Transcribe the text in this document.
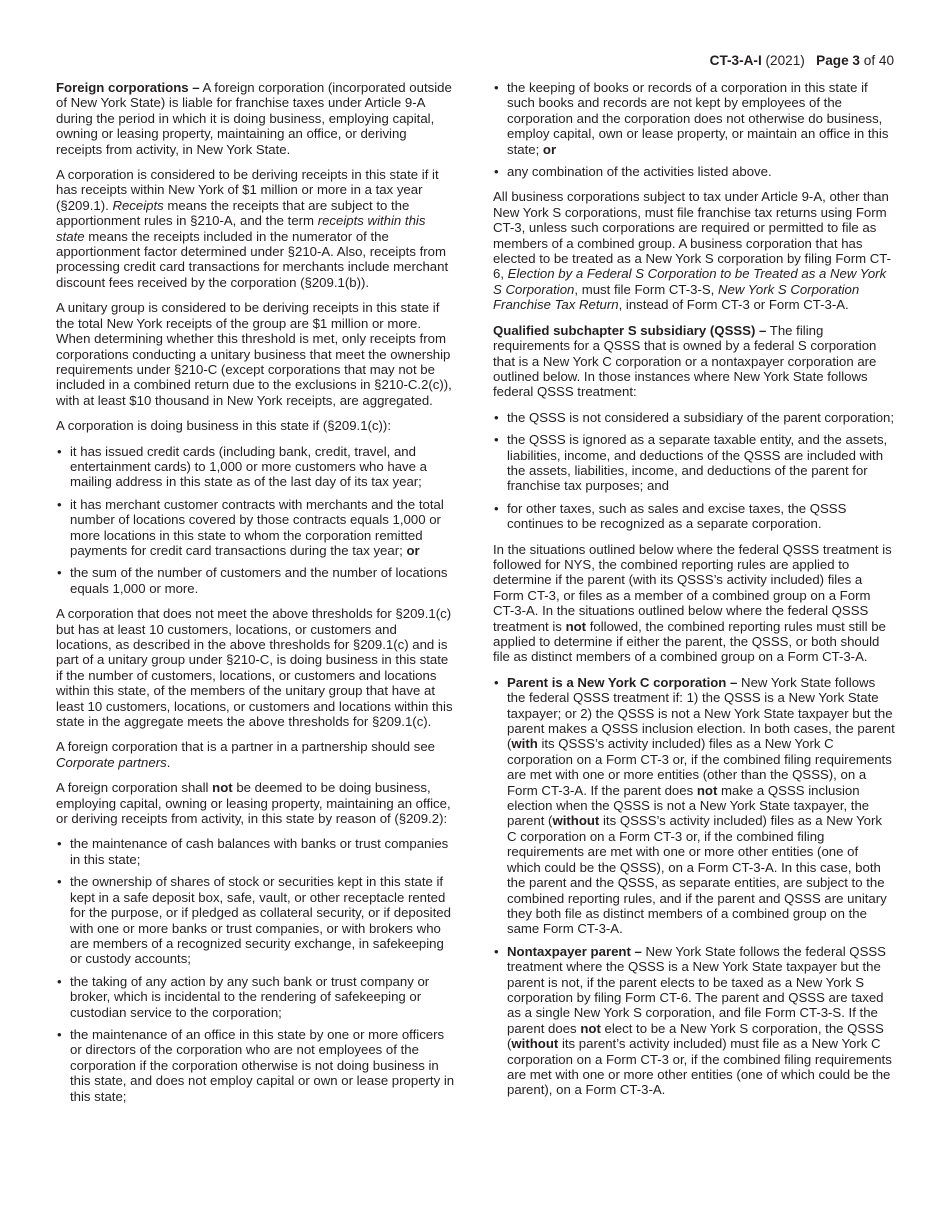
CT-3-A-I (2021) Page 3 of 40

Foreign corporations – A foreign corporation (incorporated outside of New York State) is liable for franchise taxes under Article 9-A during the period in which it is doing business, employing capital, owning or leasing property, maintaining an office, or deriving receipts from activity, in New York State.

A corporation is considered to be deriving receipts in this state if it has receipts within New York of $1 million or more in a tax year (§209.1). Receipts means the receipts that are subject to the apportionment rules in §210-A, and the term receipts within this state means the receipts included in the numerator of the apportionment factor determined under §210-A. Also, receipts from processing credit card transactions for merchants include merchant discount fees received by the corporation (§209.1(b)).

A unitary group is considered to be deriving receipts in this state if the total New York receipts of the group are $1 million or more. When determining whether this threshold is met, only receipts from corporations conducting a unitary business that meet the ownership requirements under §210-C (except corporations that may not be included in a combined return due to the exclusions in §210-C.2(c)), with at least $10 thousand in New York receipts, are aggregated.

A corporation is doing business in this state if (§209.1(c)):

• it has issued credit cards (including bank, credit, travel, and entertainment cards) to 1,000 or more customers who have a mailing address in this state as of the last day of its tax year;
• it has merchant customer contracts with merchants and the total number of locations covered by those contracts equals 1,000 or more locations in this state to whom the corporation remitted payments for credit card transactions during the tax year; or
• the sum of the number of customers and the number of locations equals 1,000 or more.

A corporation that does not meet the above thresholds for §209.1(c) but has at least 10 customers, locations, or customers and locations, as described in the above thresholds for §209.1(c) and is part of a unitary group under §210-C, is doing business in this state if the number of customers, locations, or customers and locations within this state, of the members of the unitary group that have at least 10 customers, locations, or customers and locations within this state in the aggregate meets the above thresholds for §209.1(c).

A foreign corporation that is a partner in a partnership should see Corporate partners.

A foreign corporation shall not be deemed to be doing business, employing capital, owning or leasing property, maintaining an office, or deriving receipts from activity, in this state by reason of (§209.2):

• the maintenance of cash balances with banks or trust companies in this state;
• the ownership of shares of stock or securities kept in this state if kept in a safe deposit box, safe, vault, or other receptacle rented for the purpose, or if pledged as collateral security, or if deposited with one or more banks or trust companies, or with brokers who are members of a recognized security exchange, in safekeeping or custody accounts;
• the taking of any action by any such bank or trust company or broker, which is incidental to the rendering of safekeeping or custodian service to the corporation;
• the maintenance of an office in this state by one or more officers or directors of the corporation who are not employees of the corporation if the corporation otherwise is not doing business in this state, and does not employ capital or own or lease property in this state;
• the keeping of books or records of a corporation in this state if such books and records are not kept by employees of the corporation and the corporation does not otherwise do business, employ capital, own or lease property, or maintain an office in this state; or
• any combination of the activities listed above.

All business corporations subject to tax under Article 9-A, other than New York S corporations, must file franchise tax returns using Form CT-3, unless such corporations are required or permitted to file as members of a combined group. A business corporation that has elected to be treated as a New York S corporation by filing Form CT-6, Election by a Federal S Corporation to be Treated as a New York S Corporation, must file Form CT-3-S, New York S Corporation Franchise Tax Return, instead of Form CT-3 or Form CT-3-A.

Qualified subchapter S subsidiary (QSSS) – The filing requirements for a QSSS that is owned by a federal S corporation that is a New York C corporation or a nontaxpayer corporation are outlined below. In those instances where New York State follows federal QSSS treatment:

• the QSSS is not considered a subsidiary of the parent corporation;
• the QSSS is ignored as a separate taxable entity, and the assets, liabilities, income, and deductions of the QSSS are included with the assets, liabilities, income, and deductions of the parent for franchise tax purposes; and
• for other taxes, such as sales and excise taxes, the QSSS continues to be recognized as a separate corporation.

In the situations outlined below where the federal QSSS treatment is followed for NYS, the combined reporting rules are applied to determine if the parent (with its QSSS’s activity included) files a Form CT-3, or files as a member of a combined group on a Form CT-3-A. In the situations outlined below where the federal QSSS treatment is not followed, the combined reporting rules must still be applied to determine if either the parent, the QSSS, or both should file as distinct members of a combined group on a Form CT-3-A.

• Parent is a New York C corporation – New York State follows the federal QSSS treatment if: 1) the QSSS is a New York State taxpayer; or 2) the QSSS is not a New York State taxpayer but the parent makes a QSSS inclusion election. In both cases, the parent (with its QSSS’s activity included) files as a New York C corporation on a Form CT-3 or, if the combined filing requirements are met with one or more entities (other than the QSSS), on a Form CT-3-A. If the parent does not make a QSSS inclusion election when the QSSS is not a New York State taxpayer, the parent (without its QSSS’s activity included) files as a New York C corporation on a Form CT-3 or, if the combined filing requirements are met with one or more other entities (one of which could be the QSSS), on a Form CT-3-A. In this case, both the parent and the QSSS, as separate entities, are subject to the combined reporting rules, and if the parent and QSSS are unitary they both file as distinct members of a combined group on the same Form CT-3-A.
• Nontaxpayer parent – New York State follows the federal QSSS treatment where the QSSS is a New York State taxpayer but the parent is not, if the parent elects to be taxed as a New York S corporation by filing Form CT-6. The parent and QSSS are taxed as a single New York S corporation, and file Form CT-3-S. If the parent does not elect to be a New York S corporation, the QSSS (without its parent’s activity included) must file as a New York C corporation on a Form CT-3 or, if the combined filing requirements are met with one or more other entities (one of which could be the parent), on a Form CT-3-A.
